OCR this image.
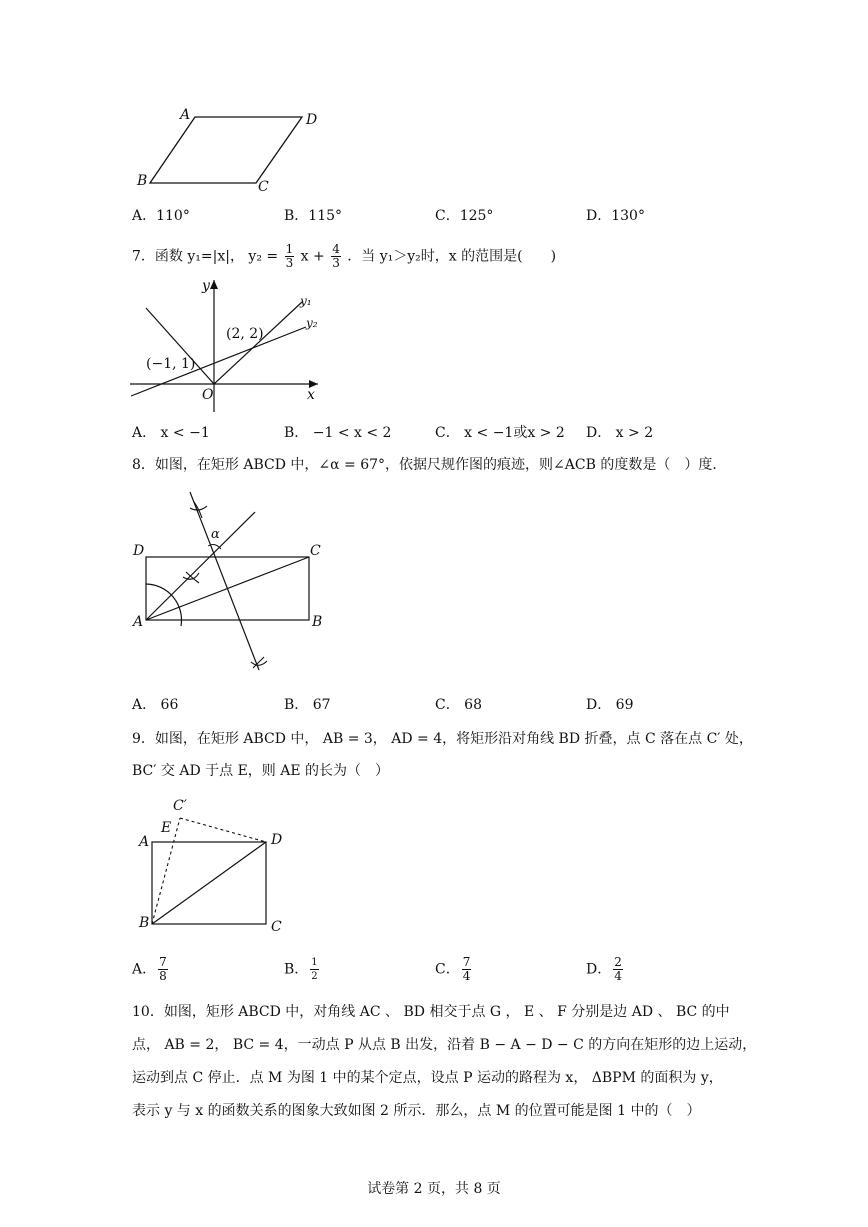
A	D
B	C
A．110°	B．115°	C．125°	D．130°
7．函数 y₁=|x|， $y_2 = \frac{1}{3}$ $x + \frac{4}{3}$ ．当 y₁＞y₂时，x 的范围是(　　)
y
y₁
y₂
(2, 2)
(−1, 1)
O	x
A． x < −1	B． −1 < x < 2	C． x < −1或x > 2 D． x > 2
8．如图，在矩形 ABCD 中，∠α = 67°，依据尺规作图的痕迹，则∠ACB 的度数是（　）度．
α
D	C
A	B
A． 66	B． 67	C． 68	D． 69
9．如图，在矩形 ABCD 中， AB = 3， AD = 4，将矩形沿对角线 BD 折叠，点 C 落在点 C′ 处，
BC′ 交 AD 于点 E，则 AE 的长为（　）
C′
E
A	D
B	C
A． $\frac{7}{8}$	B． $\frac{1}{2}$	C． $\frac{7}{4}$	D． $\frac{2}{4}$
10．如图，矩形 ABCD 中，对角线 AC 、 BD 相交于点 G ， E 、 F 分别是边 AD 、 BC 的中
点， AB = 2， BC = 4，一动点 P 从点 B 出发，沿着 B − A − D − C 的方向在矩形的边上运动，
运动到点 C 停止．点 M 为图 1 中的某个定点，设点 P 运动的路程为 x， ΔBPM 的面积为 y，
表示 y 与 x 的函数关系的图象大致如图 2 所示．那么，点 M 的位置可能是图 1 中的（　）
试卷第 2 页，共 8 页
